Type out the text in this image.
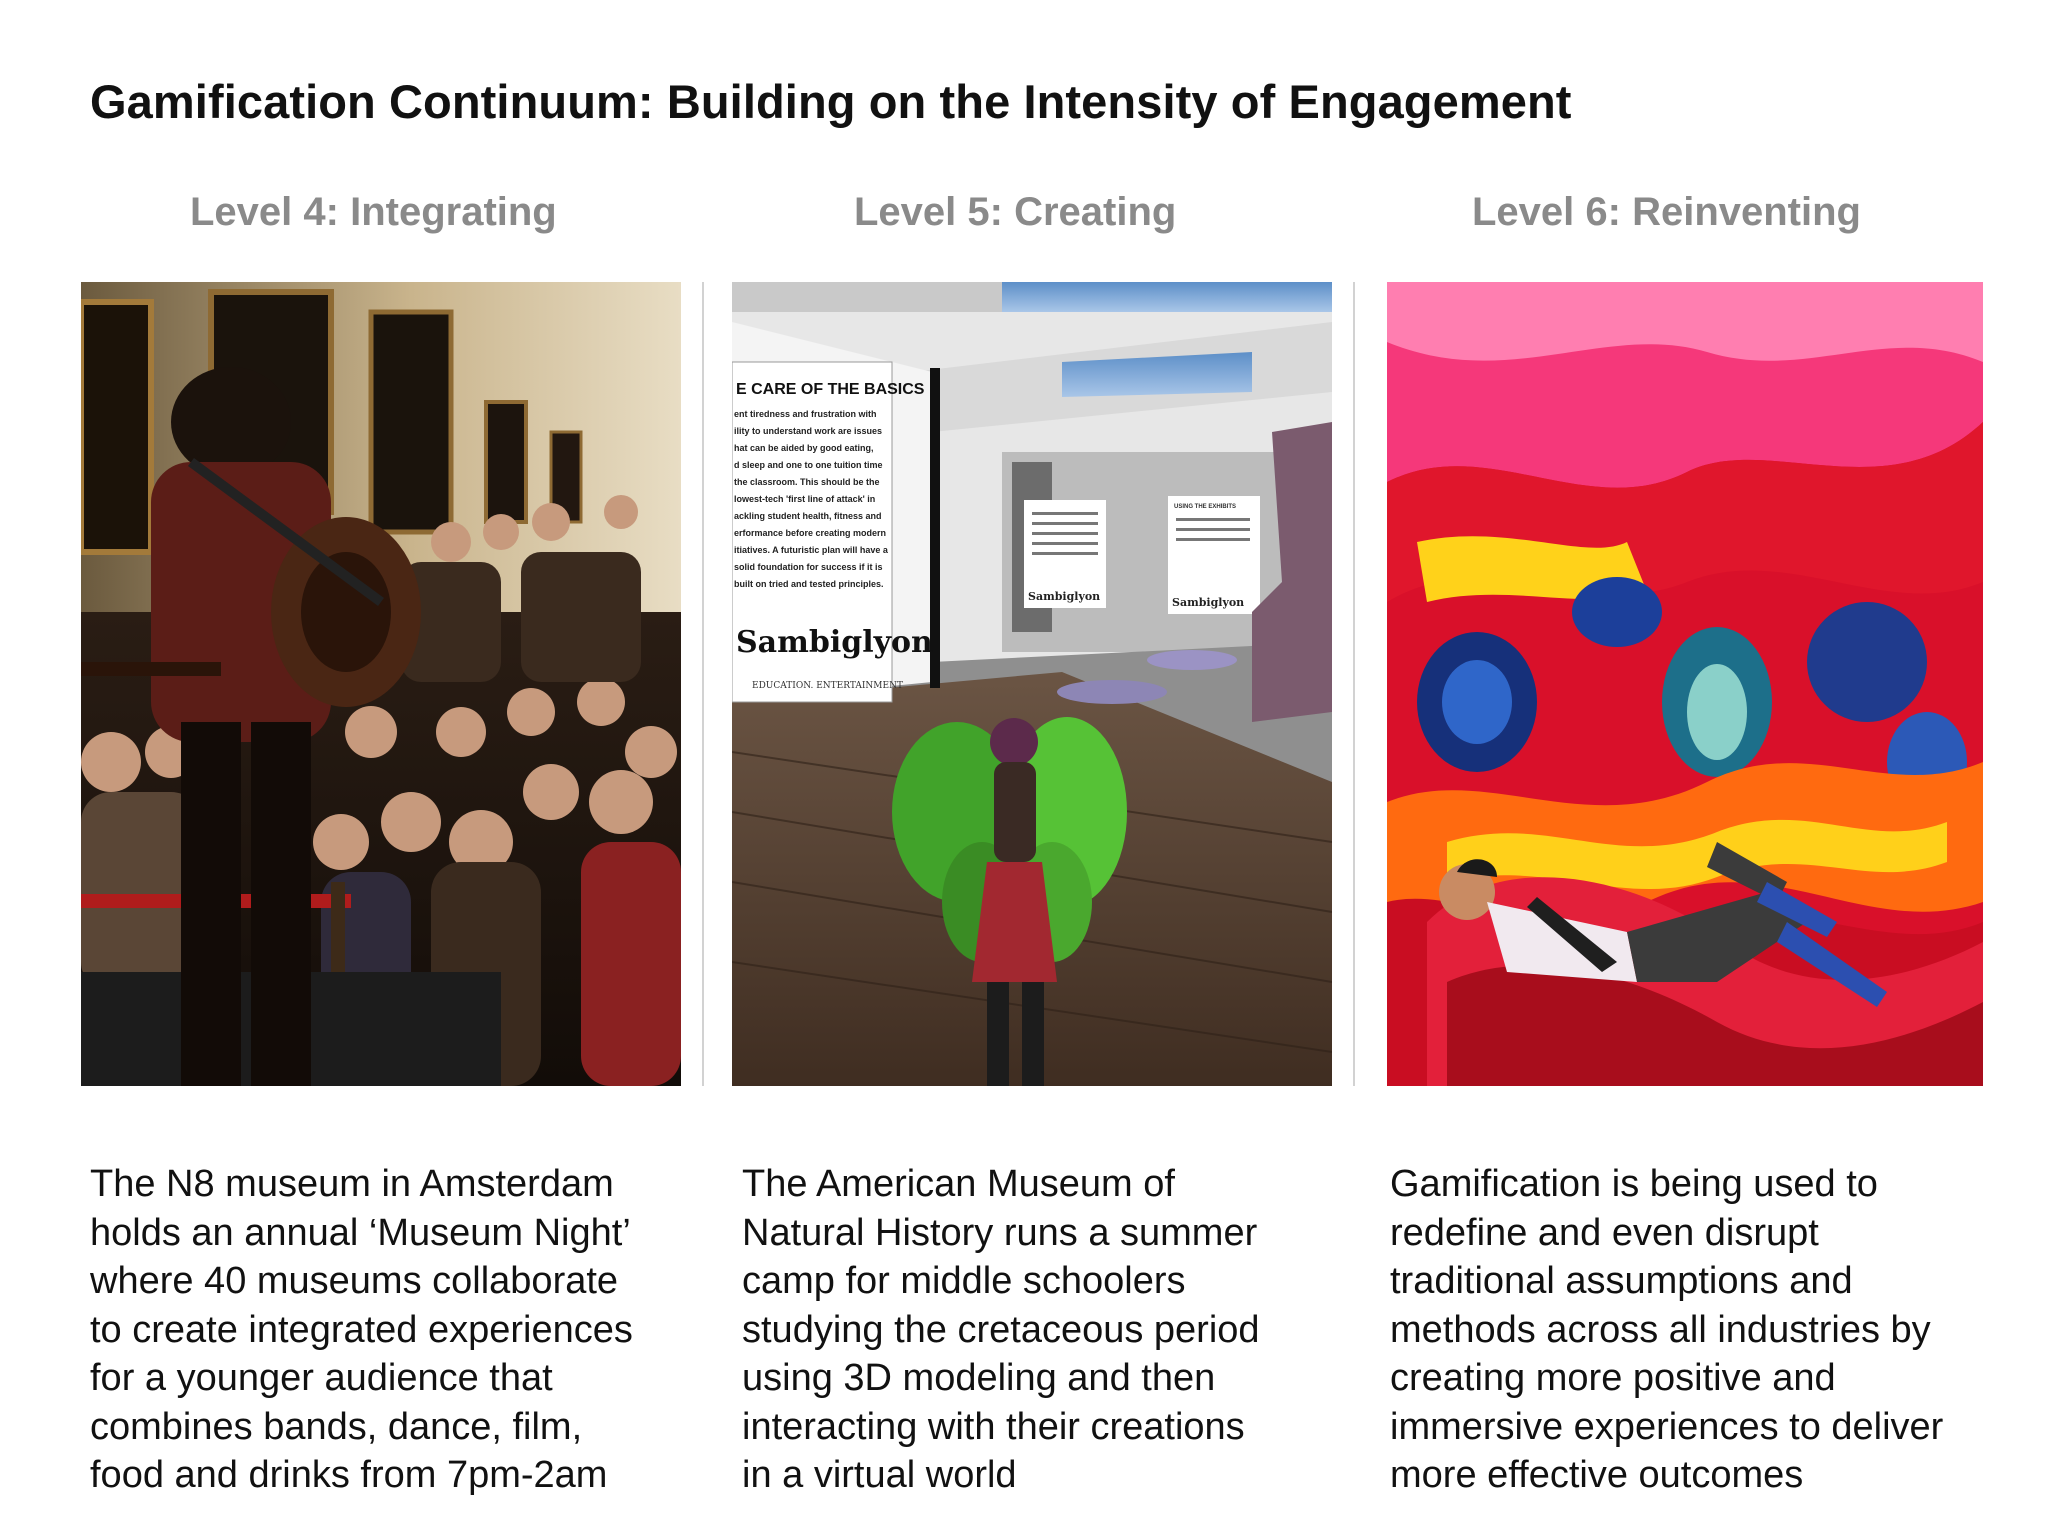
Gamification Continuum: Building on the Intensity of Engagement
Level 4: Integrating	Level 5: Creating	Level 6: Reinventing
E CARE OF THE BASICS
ent tiredness and frustration with
ility to understand work are issues
hat can be aided by good eating,
d sleep and one to one tuition time
the classroom. This should be the
lowest-tech 'first line of attack' in
ackling student health, fitness and
erformance before creating modern
itiatives. A futuristic plan will have a
solid foundation for success if it is
built on tried and tested principles.
Sambiglyon
EDUCATION. ENTERTAINMENT
Sambiglyon
USING THE EXHIBITS
Sambiglyon
The N8 museum in Amsterdam
holds an annual ‘Museum Night’
where 40 museums collaborate
to create integrated experiences
for a younger audience that
combines bands, dance, film,
food and drinks from 7pm-2am
The American Museum of
Natural History runs a summer
camp for middle schoolers
studying the cretaceous period
using 3D modeling and then
interacting with their creations
in a virtual world
Gamification is being used to
redefine and even disrupt
traditional assumptions and
methods across all industries by
creating more positive and
immersive experiences to deliver
more effective outcomes
